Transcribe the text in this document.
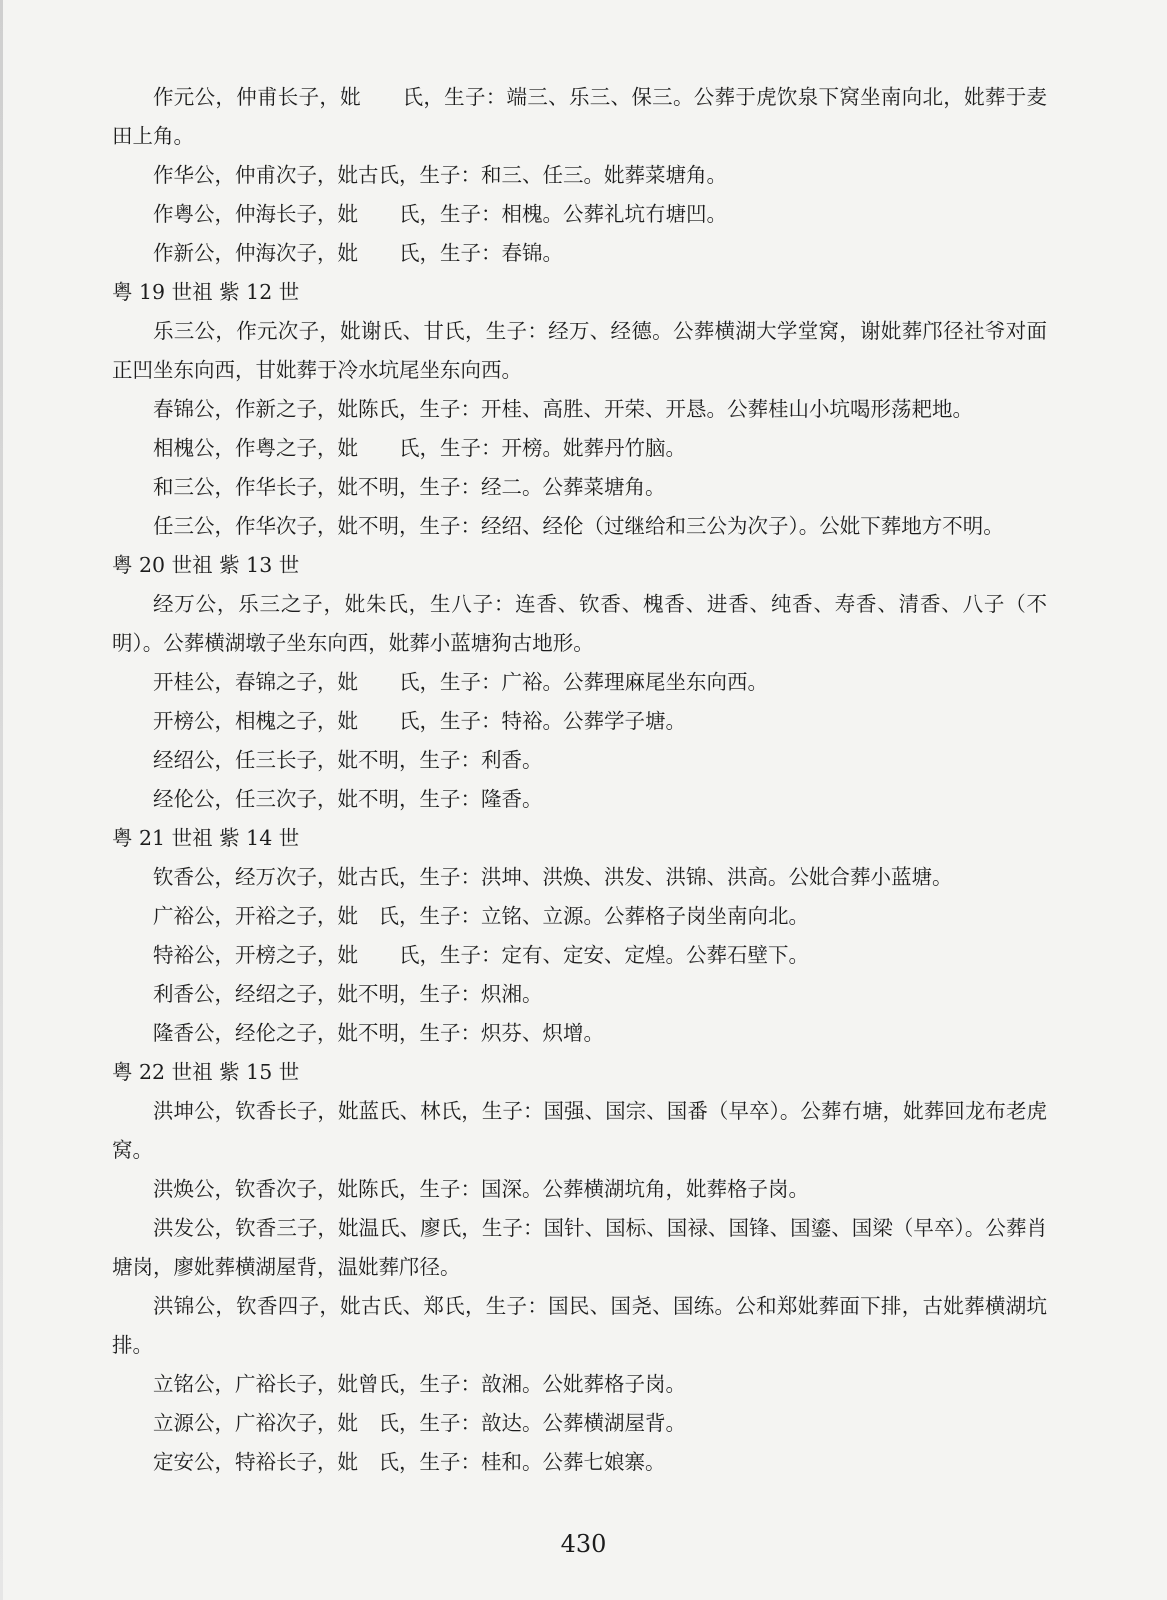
作元公，仲甫长子，妣　　氏，生子：端三、乐三、保三。公葬于虎饮泉下窝坐南向北，妣葬于麦田上角。

作华公，仲甫次子，妣古氏，生子：和三、任三。妣葬菜塘角。

作粤公，仲海长子，妣　　氏，生子：相槐。公葬礼坑冇塘凹。

作新公，仲海次子，妣　　氏，生子：春锦。

粤 19 世祖 紫 12 世

乐三公，作元次子，妣谢氏、甘氏，生子：经万、经德。公葬横湖大学堂窝，谢妣葬邝径社爷对面正凹坐东向西，甘妣葬于冷水坑尾坐东向西。

春锦公，作新之子，妣陈氏，生子：开桂、高胜、开荣、开恳。公葬桂山小坑喝形荡耙地。

相槐公，作粤之子，妣　　氏，生子：开榜。妣葬丹竹脑。

和三公，作华长子，妣不明，生子：经二。公葬菜塘角。

任三公，作华次子，妣不明，生子：经绍、经伦（过继给和三公为次子）。公妣下葬地方不明。

粤 20 世祖 紫 13 世

经万公，乐三之子，妣朱氏，生八子：连香、钦香、槐香、进香、纯香、寿香、清香、八子（不明）。公葬横湖墩子坐东向西，妣葬小蓝塘狗古地形。

开桂公，春锦之子，妣　　氏，生子：广裕。公葬理麻尾坐东向西。

开榜公，相槐之子，妣　　氏，生子：特裕。公葬学子塘。

经绍公，任三长子，妣不明，生子：利香。

经伦公，任三次子，妣不明，生子：隆香。

粤 21 世祖 紫 14 世

钦香公，经万次子，妣古氏，生子：洪坤、洪焕、洪发、洪锦、洪高。公妣合葬小蓝塘。

广裕公，开裕之子，妣　氏，生子：立铭、立源。公葬格子岗坐南向北。

特裕公，开榜之子，妣　　氏，生子：定有、定安、定煌。公葬石壁下。

利香公，经绍之子，妣不明，生子：炽湘。

隆香公，经伦之子，妣不明，生子：炽芬、炽增。

粤 22 世祖 紫 15 世

洪坤公，钦香长子，妣蓝氏、林氏，生子：国强、国宗、国番（早卒）。公葬冇塘，妣葬回龙布老虎窝。

洪焕公，钦香次子，妣陈氏，生子：国深。公葬横湖坑角，妣葬格子岗。

洪发公，钦香三子，妣温氏、廖氏，生子：国针、国标、国禄、国锋、国鎏、国梁（早卒）。公葬肖塘岗，廖妣葬横湖屋背，温妣葬邝径。

洪锦公，钦香四子，妣古氏、郑氏，生子：国民、国尧、国练。公和郑妣葬面下排，古妣葬横湖坑排。

立铭公，广裕长子，妣曾氏，生子：敨湘。公妣葬格子岗。

立源公，广裕次子，妣　氏，生子：敨达。公葬横湖屋背。

定安公，特裕长子，妣　氏，生子：桂和。公葬七娘寨。

430
